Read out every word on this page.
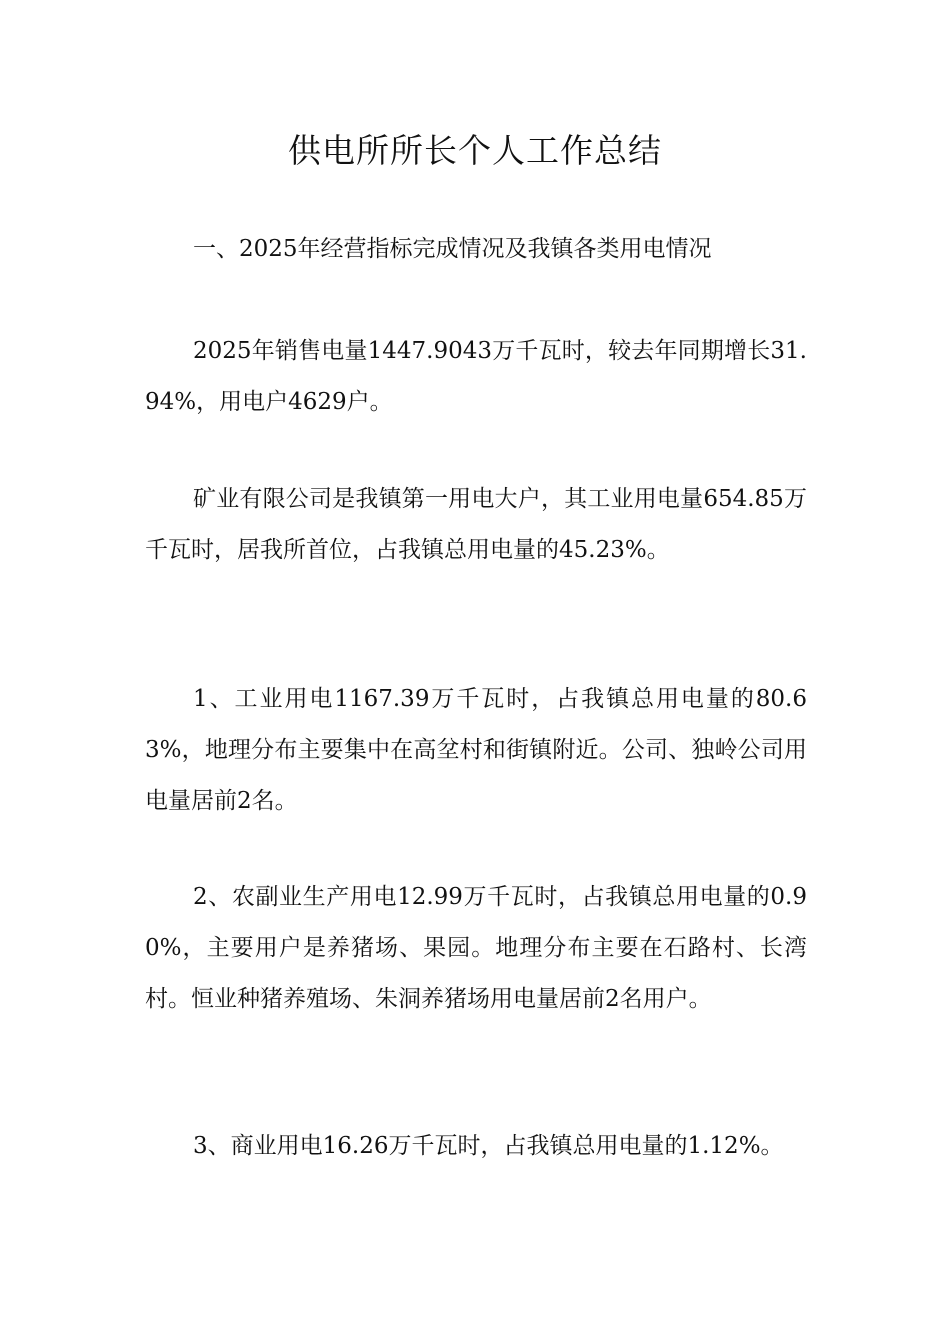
供电所所长个人工作总结

一、2025年经营指标完成情况及我镇各类用电情况

2025年销售电量1447.9043万千瓦时，较去年同期增长31.94%，用电户4629户。

矿业有限公司是我镇第一用电大户，其工业用电量654.85万千瓦时，居我所首位，占我镇总用电量的45.23%。

1、工业用电1167.39万千瓦时，占我镇总用电量的80.63%，地理分布主要集中在高坌村和街镇附近。公司、独岭公司用电量居前2名。

2、农副业生产用电12.99万千瓦时，占我镇总用电量的0.90%，主要用户是养猪场、果园。地理分布主要在石路村、长湾村。恒业种猪养殖场、朱洞养猪场用电量居前2名用户。

3、商业用电16.26万千瓦时，占我镇总用电量的1.12%。
